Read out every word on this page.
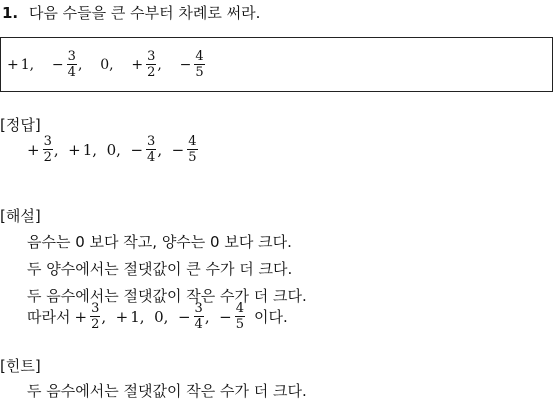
1. 다음 수들을 큰 수부터 차례로 써라.
+ 1 , − $\frac{3}{4}$ , 0 , + $\frac{3}{2}$ , − $\frac{4}{5}$
[정답]
+ $\frac{3}{2}$ , + 1 , 0 , − $\frac{3}{4}$ , − $\frac{4}{5}$
[해설]
음수는 0 보다 작고, 양수는 0 보다 크다.
두 양수에서는 절댓값이 큰 수가 더 크다.
두 음수에서는 절댓값이 작은 수가 더 크다.
따라서 + $\frac{3}{2}$ , + 1 , 0 , − $\frac{3}{4}$ , − $\frac{4}{5}$ 이다.
[힌트]
두 음수에서는 절댓값이 작은 수가 더 크다.
